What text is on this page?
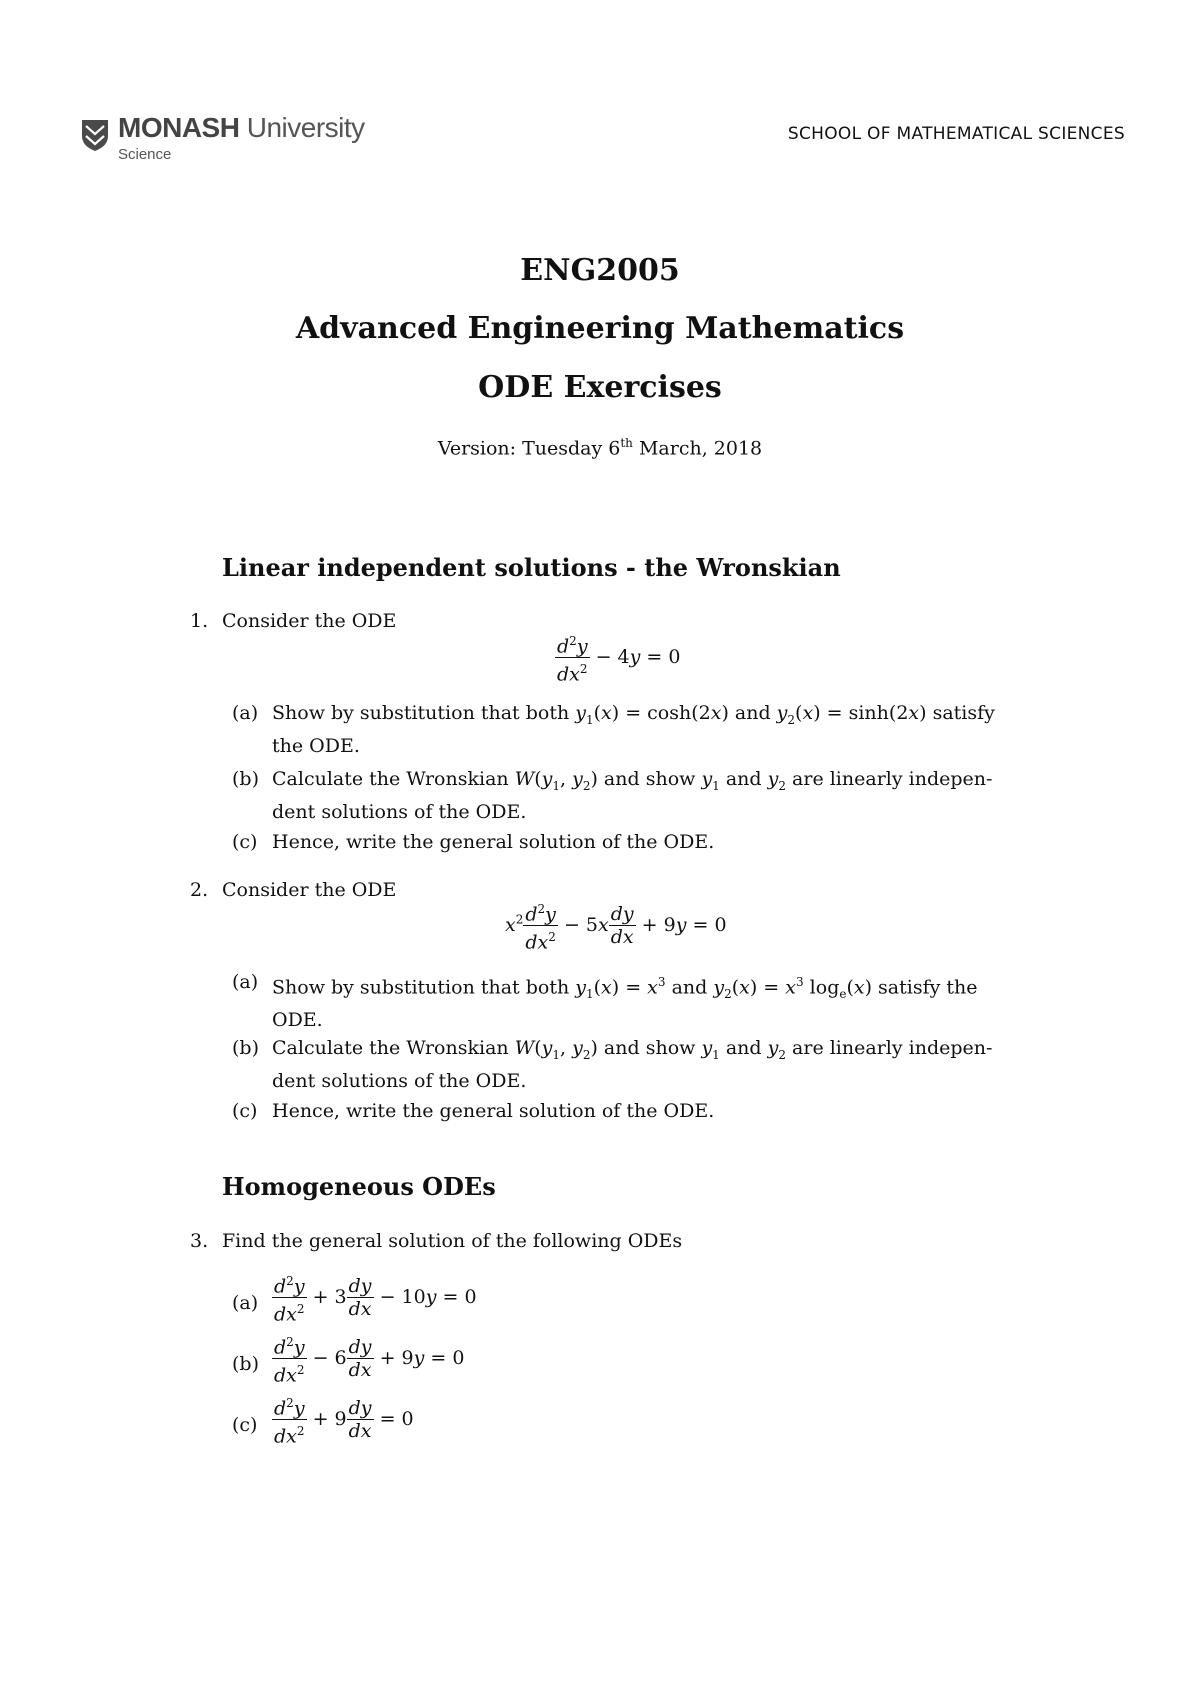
MONASH University
Science
SCHOOL OF MATHEMATICAL SCIENCES
ENG2005
Advanced Engineering Mathematics
ODE Exercises
Version: Tuesday 6th March, 2018
Linear independent solutions - the Wronskian
1. Consider the ODE
$\frac{d^2y}{dx^2} - 4y = 0$
(a) Show by substitution that both $y_1(x) = \cosh(2x)$ and $y_2(x) = \sinh(2x)$ satisfy
the ODE.
(b) Calculate the Wronskian $W(y_1$, $y_2$) and show $y_1$ and $y_2$ are linearly indepen-
dent solutions of the ODE.
(c) Hence, write the general solution of the ODE.
2. Consider the ODE
$x^2 \frac{d^2y}{dx^2} - 5x \frac{dy}{dx} + 9y = 0$
(a) Show by substitution that both $y_1(x) = x^3$ and $y_2(x) = x^3$ $\log_e(x)$ satisfy the
ODE.
(b) Calculate the Wronskian $W(y_1$, $y_2$) and show $y_1$ and $y_2$ are linearly indepen-
dent solutions of the ODE.
(c) Hence, write the general solution of the ODE.
Homogeneous ODEs
3. Find the general solution of the following ODEs
$(a) \frac{d^2y}{dx^2} + 3 \frac{dy}{dx} - 10y = 0$
$(b) \frac{d^2y}{dx^2} - 6 \frac{dy}{dx} + 9y = 0$
$(c) \frac{d^2y}{dx^2} + 9 \frac{dy}{dx} = 0$
